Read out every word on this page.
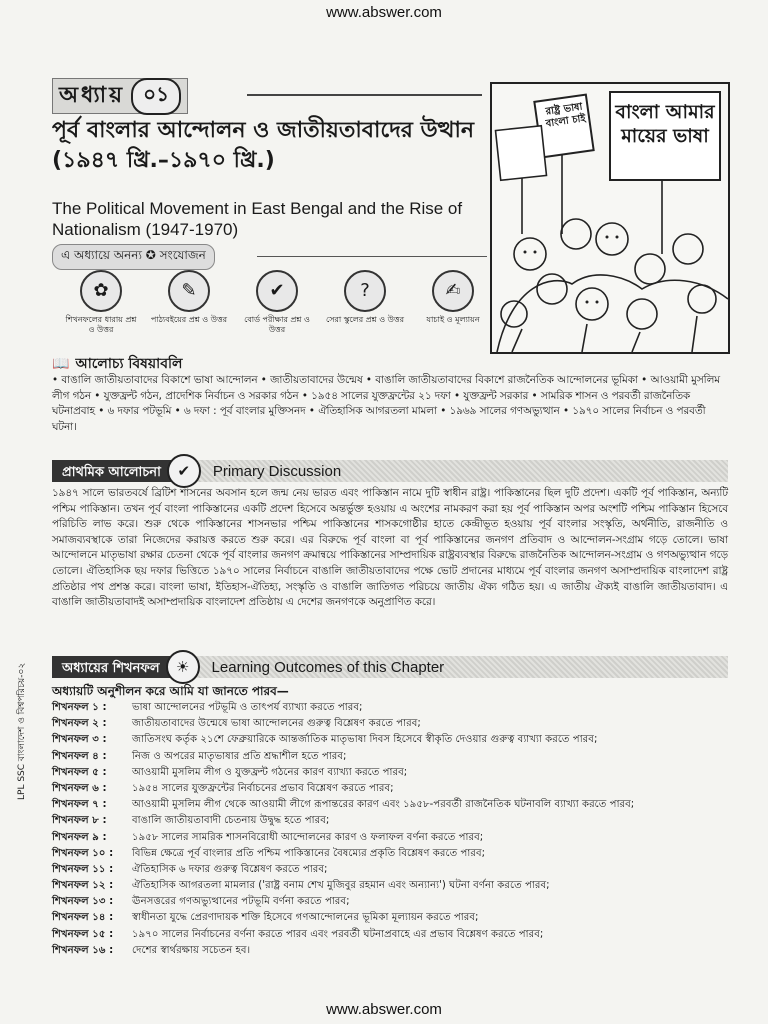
www.abswer.com
অধ্যায় ০১
পূর্ব বাংলার আন্দোলন ও জাতীয়তাবাদের উত্থান (১৯৪৭ খ্রি.–১৯৭০ খ্রি.)
The Political Movement in East Bengal and the Rise of Nationalism (1947-1970)
এ অধ্যায়ে অনন্য ✪ সংযোজন
✿
শিখনফলের ধারায় প্রশ্ন ও উত্তর
✎
পাঠ্যবইয়ের প্রশ্ন ও উত্তর
✔
বোর্ড পরীক্ষার প্রশ্ন ও উত্তর
?
সেরা স্কুলের প্রশ্ন ও উত্তর
✍
যাচাই ও মূল্যায়ন
রাষ্ট্র ভাষা বাংলা চাই বাংলা আমার মায়ের ভাষা
📖 আলোচ্য বিষয়াবলি
• বাঙালি জাতীয়তাবাদের বিকাশে ভাষা আন্দোলন • জাতীয়তাবাদের উন্মেষ • বাঙালি জাতীয়তাবাদের বিকাশে রাজনৈতিক আন্দোলনের ভূমিকা • আওয়ামী মুসলিম লীগ গঠন • যুক্তফ্রন্ট গঠন, প্রাদেশিক নির্বাচন ও সরকার গঠন • ১৯৫৪ সালের যুক্তফ্রন্টের ২১ দফা • যুক্তফ্রন্ট সরকার • সামরিক শাসন ও পরবর্তী রাজনৈতিক ঘটনাপ্রবাহ • ৬ দফার পটভূমি • ৬ দফা : পূর্ব বাংলার মুক্তিসনদ • ঐতিহাসিক আগরতলা মামলা • ১৯৬৯ সালের গণঅভ্যুত্থান • ১৯৭০ সালের নির্বাচন ও পরবর্তী ঘটনা।
প্রাথমিক আলোচনা	✔	Primary Discussion
১৯৪৭ সালে ভারতবর্ষে ব্রিটিশ শাসনের অবসান হলে জন্ম নেয় ভারত এবং পাকিস্তান নামে দুটি স্বাধীন রাষ্ট্র। পাকিস্তানের ছিল দুটি প্রদেশ। একটি পূর্ব পাকিস্তান, অন্যটি পশ্চিম পাকিস্তান। তখন পূর্ব বাংলা পাকিস্তানের একটি প্রদেশ হিসেবে অন্তর্ভুক্ত হওয়ায় এ অংশের নামকরণ করা হয় পূর্ব পাকিস্তান অপর অংশটি পশ্চিম পাকিস্তান হিসেবে পরিচিতি লাভ করে। শুরু থেকে পাকিস্তানের শাসনভার পশ্চিম পাকিস্তানের শাসকগোষ্ঠীর হাতে কেন্দ্রীভূত হওয়ায় পূর্ব বাংলার সংস্কৃতি, অর্থনীতি, রাজনীতি ও সমাজব্যবস্থাকে তারা নিজেদের করায়ত্ত করতে শুরু করে। এর বিরুদ্ধে পূর্ব বাংলা বা পূর্ব পাকিস্তানের জনগণ প্রতিবাদ ও আন্দোলন-সংগ্রাম গড়ে তোলে। ভাষা আন্দোলনে মাতৃভাষা রক্ষার চেতনা থেকে পূর্ব বাংলার জনগণ ক্রমান্বয়ে পাকিস্তানের সাম্প্রদায়িক রাষ্ট্রব্যবস্থার বিরুদ্ধে রাজনৈতিক আন্দোলন-সংগ্রাম ও গণঅভ্যুত্থান গড়ে তোলে। ঐতিহাসিক ছয় দফার ভিত্তিতে ১৯৭০ সালের নির্বাচনে বাঙালি জাতীয়তাবাদের পক্ষে ভোট প্রদানের মাধ্যমে পূর্ব বাংলার জনগণ অসাম্প্রদায়িক বাংলাদেশ রাষ্ট্র প্রতিষ্ঠার পথ প্রশস্ত করে। বাংলা ভাষা, ইতিহাস-ঐতিহ্য, সংস্কৃতি ও বাঙালি জাতিগত পরিচয়ে জাতীয় ঐক্য গঠিত হয়। এ জাতীয় ঐক্যই বাঙালি জাতীয়তাবাদ। এ বাঙালি জাতীয়তাবাদই অসাম্প্রদায়িক বাংলাদেশ প্রতিষ্ঠায় এ দেশের জনগণকে অনুপ্রাণিত করে।
অধ্যায়ের শিখনফল	☀	Learning Outcomes of this Chapter
অধ্যায়টি অনুশীলন করে আমি যা জানতে পারব—
শিখনফল ১ :	ভাষা আন্দোলনের পটভূমি ও তাৎপর্য ব্যাখ্যা করতে পারব;
শিখনফল ২ :	জাতীয়তাবাদের উন্মেষে ভাষা আন্দোলনের গুরুত্ব বিশ্লেষণ করতে পারব;
শিখনফল ৩ :	জাতিসংঘ কর্তৃক ২১শে ফেব্রুয়ারিকে আন্তর্জাতিক মাতৃভাষা দিবস হিসেবে স্বীকৃতি দেওয়ার গুরুত্ব ব্যাখ্যা করতে পারব;
শিখনফল ৪ :	নিজ ও অপরের মাতৃভাষার প্রতি শ্রদ্ধাশীল হতে পারব;
শিখনফল ৫ :	আওয়ামী মুসলিম লীগ ও যুক্তফ্রন্ট গঠনের কারণ ব্যাখ্যা করতে পারব;
শিখনফল ৬ :	১৯৫৪ সালের যুক্তফ্রন্টের নির্বাচনের প্রভাব বিশ্লেষণ করতে পারব;
শিখনফল ৭ :	আওয়ামী মুসলিম লীগ থেকে আওয়ামী লীগে রূপান্তরের কারণ এবং ১৯৫৮-পরবর্তী রাজনৈতিক ঘটনাবলি ব্যাখ্যা করতে পারব;
শিখনফল ৮ :	বাঙালি জাতীয়তাবাদী চেতনায় উদ্বুদ্ধ হতে পারব;
শিখনফল ৯ :	১৯৫৮ সালের সামরিক শাসনবিরোধী আন্দোলনের কারণ ও ফলাফল বর্ণনা করতে পারব;
শিখনফল ১০ :	বিভিন্ন ক্ষেত্রে পূর্ব বাংলার প্রতি পশ্চিম পাকিস্তানের বৈষম্যের প্রকৃতি বিশ্লেষণ করতে পারব;
শিখনফল ১১ :	ঐতিহাসিক ৬ দফার গুরুত্ব বিশ্লেষণ করতে পারব;
শিখনফল ১২ :	ঐতিহাসিক আগরতলা মামলার ('রাষ্ট্র বনাম শেখ মুজিবুর রহমান এবং অন্যান্য') ঘটনা বর্ণনা করতে পারব;
শিখনফল ১৩ :	ঊনসত্তরের গণঅভ্যুত্থানের পটভূমি বর্ণনা করতে পারব;
শিখনফল ১৪ :	স্বাধীনতা যুদ্ধে প্রেরণাদায়ক শক্তি হিসেবে গণআন্দোলনের ভূমিকা মূল্যায়ন করতে পারব;
শিখনফল ১৫ :	১৯৭০ সালের নির্বাচনের বর্ণনা করতে পারব এবং পরবর্তী ঘটনাপ্রবাহে এর প্রভাব বিশ্লেষণ করতে পারব;
শিখনফল ১৬ :	দেশের স্বার্থরক্ষায় সচেতন হব।
LPL SSC বাংলাদেশ ও বিশ্বপরিচয়-০২
www.abswer.com
